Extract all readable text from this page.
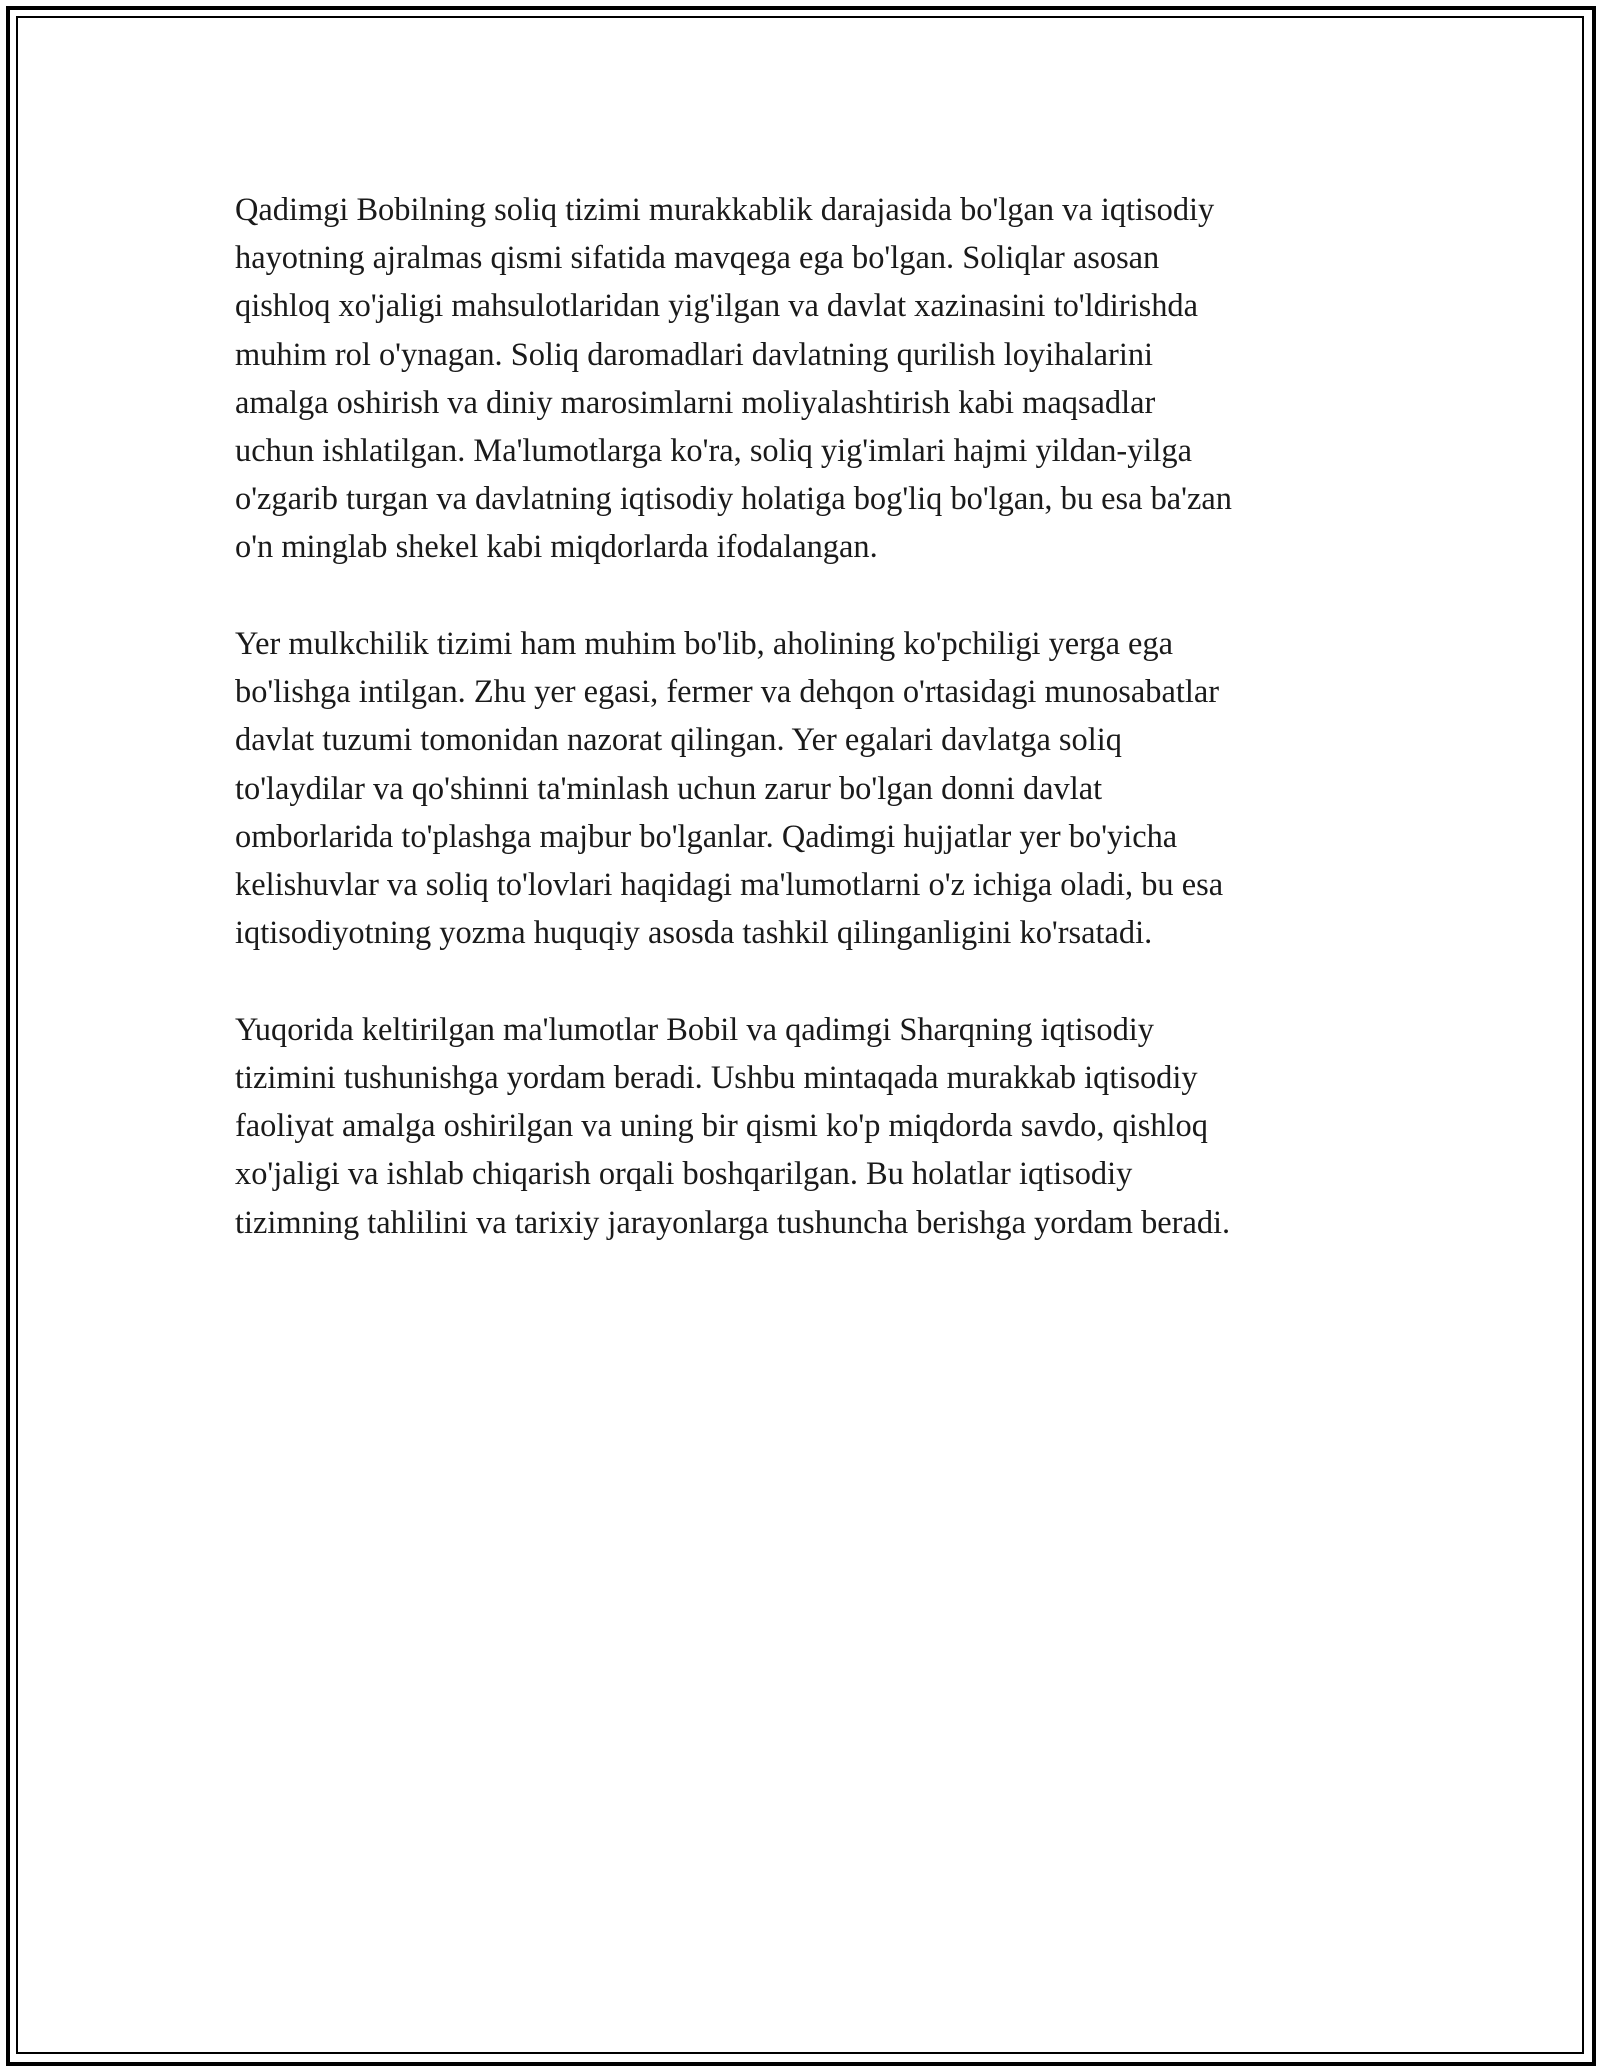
Qadimgi Bobilning soliq tizimi murakkablik darajasida bo'lgan va iqtisodiy
hayotning ajralmas qismi sifatida mavqega ega bo'lgan. Soliqlar asosan
qishloq xo'jaligi mahsulotlaridan yig'ilgan va davlat xazinasini to'ldirishda
muhim rol o'ynagan. Soliq daromadlari davlatning qurilish loyihalarini
amalga oshirish va diniy marosimlarni moliyalashtirish kabi maqsadlar
uchun ishlatilgan. Ma'lumotlarga ko'ra, soliq yig'imlari hajmi yildan-yilga
o'zgarib turgan va davlatning iqtisodiy holatiga bog'liq bo'lgan, bu esa ba'zan
o'n minglab shekel kabi miqdorlarda ifodalangan.

Yer mulkchilik tizimi ham muhim bo'lib, aholining ko'pchiligi yerga ega
bo'lishga intilgan. Zhu yer egasi, fermer va dehqon o'rtasidagi munosabatlar
davlat tuzumi tomonidan nazorat qilingan. Yer egalari davlatga soliq
to'laydilar va qo'shinni ta'minlash uchun zarur bo'lgan donni davlat
omborlarida to'plashga majbur bo'lganlar. Qadimgi hujjatlar yer bo'yicha
kelishuvlar va soliq to'lovlari haqidagi ma'lumotlarni o'z ichiga oladi, bu esa
iqtisodiyotning yozma huquqiy asosda tashkil qilinganligini ko'rsatadi.

Yuqorida keltirilgan ma'lumotlar Bobil va qadimgi Sharqning iqtisodiy
tizimini tushunishga yordam beradi. Ushbu mintaqada murakkab iqtisodiy
faoliyat amalga oshirilgan va uning bir qismi ko'p miqdorda savdo, qishloq
xo'jaligi va ishlab chiqarish orqali boshqarilgan. Bu holatlar iqtisodiy
tizimning tahlilini va tarixiy jarayonlarga tushuncha berishga yordam beradi.
